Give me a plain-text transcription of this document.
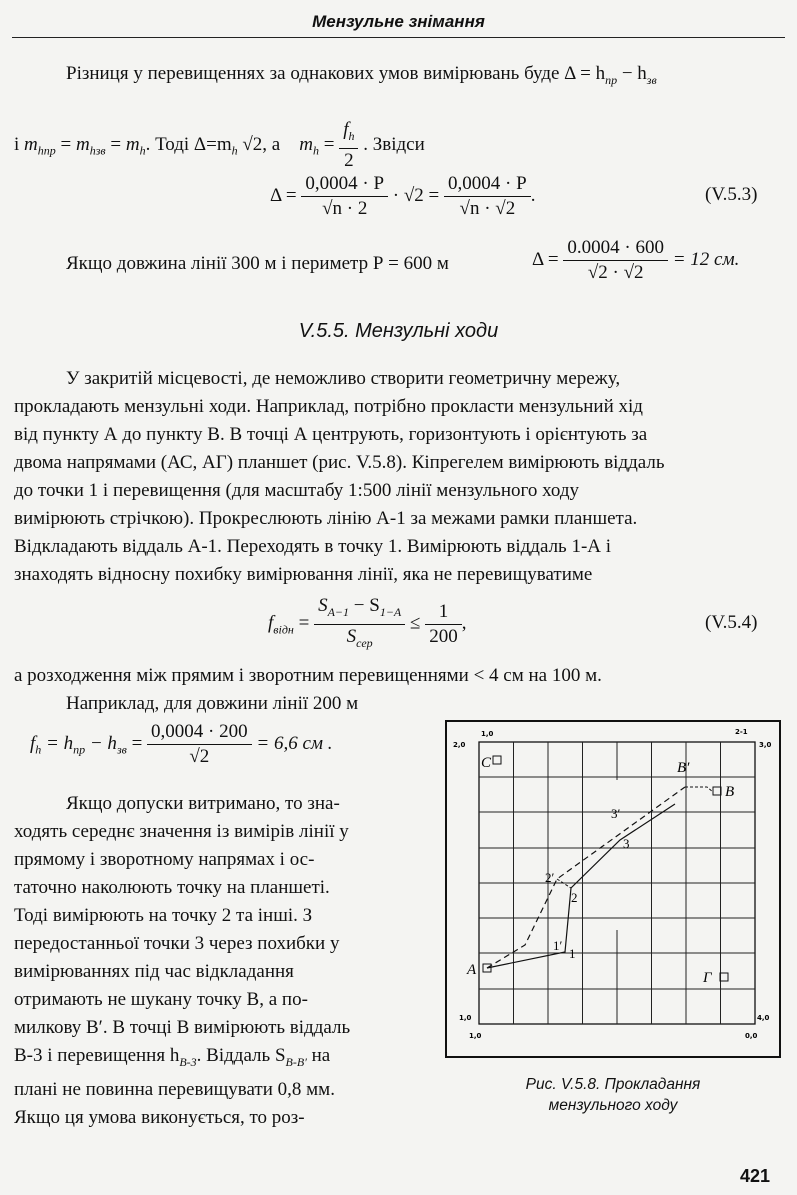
Мензульне знімання
Різниця у перевищеннях за однакових умов вимірювань буде $\Delta = h_{пр} - h_{зв}$
і $m_{hпр} = m_{hзв} = m_h$. Тоді $\Delta=m_h$ √2, а $m_h = \frac{f_h}{2}$ . Звідси
$\Delta = \frac{0,0004 \cdot P}{√n \cdot 2} \cdot √2 = \frac{0,0004 \cdot P}{√n \cdot √2}$ .	(V.5.3)
Якщо довжина лінії 300 м і периметр Р = 600 м	$\Delta = \frac{0.0004 \cdot 600}{√2 \cdot √2} = 12$ см.
V.5.5. Мензульні ходи
У закритій місцевості, де неможливо створити геометричну мережу,
прокладають мензульні ходи. Наприклад, потрібно прокласти мензульний хід
від пункту А до пункту В. В точці А центрують, горизонтують і орієнтують за
двома напрямами (АС, АГ) планшет (рис. V.5.8). Кіпрегелем вимірюють віддаль
до точки 1 і перевищення (для масштабу 1:500 лінії мензульного ходу
вимірюють стрічкою). Прокреслюють лінію А-1 за межами рамки планшета.
Відкладають віддаль А-1. Переходять в точку 1. Вимірюють віддаль 1-А і
знаходять відносну похибку вимірювання лінії, яка не перевищуватиме
$f_{відн} = \frac{S_{A-1} - S_{1-A}}{S_{сер}} \le \frac{1}{200}$ ,	(V.5.4)
а розходження між прямим і зворотним перевищеннями < 4 см на 100 м.
Наприклад, для довжини лінії 200 м
$f_h = h_{пр} - h_{зв} = \frac{0,0004 \cdot 200}{√2} = 6,6$ см .
Якщо допуски витримано, то зна-
ходять середнє значення із вимірів лінії у
прямому і зворотному напрямах і ос-
таточно наколюють точку на планшеті.
Тоді вимірюють на точку 2 та інші. З
передостанньої точки 3 через похибки у
вимірюваннях під час відкладання
отримають не шукану точку В, а по-
милкову В′. В точці В вимірюють віддаль
В-3 і перевищення $h_{B-3}$. Віддаль $S_{B-B'}$ на
плані не повинна перевищувати 0,8 мм.
Якщо ця умова виконується, то роз-
C
A
B
B′
Г
1
1′
2
2′
3
3′
1,0
2,0
2-1
3,0
1,0
1,0
4,0
0,0
Рис. V.5.8. Прокладання
мензульного ходу
421
